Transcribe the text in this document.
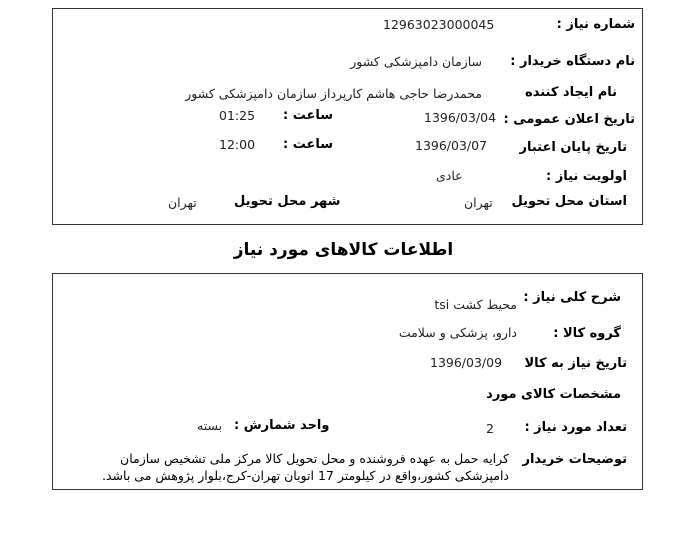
شماره نیاز :
12963023000045
نام دستگاه خریدار :
سازمان دامپزشکی کشور
نام ایجاد کننده
محمدرضا حاجی هاشم کارپرداز سازمان دامپزشکی کشور
تاریخ اعلان عمومی :
1396/03/04
ساعت :
01:25
تاریخ پایان اعتبار
1396/03/07
ساعت :
12:00
اولویت نیاز :
عادی
استان محل تحویل
تهران
شهر محل تحویل
تهران
اطلاعات کالاهای مورد نیاز
شرح کلی نیاز :
محیط کشت tsi
گروه کالا :
دارو، پزشکی و سلامت
تاریخ نیاز به کالا
1396/03/09
مشخصات کالای مورد
تعداد مورد نیاز :
2
واحد شمارش :
بسته
توضیحات خریدار
کرایه حمل به عهده فروشنده و محل تحویل کالا مرکز ملی تشخیص سازمان
دامپزشکی کشور،واقع در کیلومتر 17 اتوبان تهران-کرج،بلوار پژوهش می باشد.
